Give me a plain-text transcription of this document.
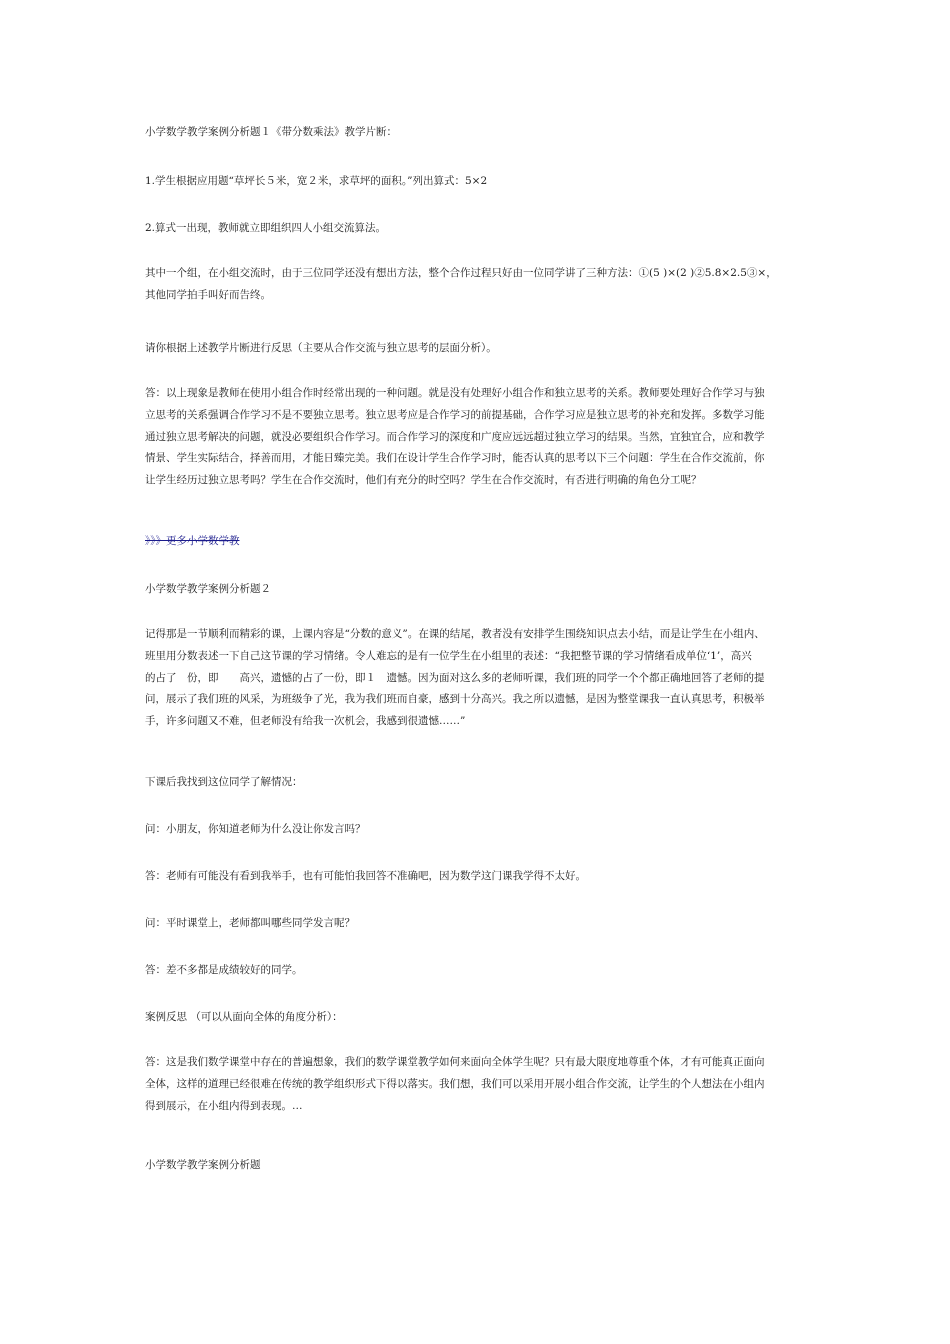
小学数学教学案例分析题１《带分数乘法》教学片断：
1.学生根据应用题“草坪长５米，宽２米，求草坪的面积。”列出算式：5×2
2.算式一出现，教师就立即组织四人小组交流算法。
其中一个组，在小组交流时，由于三位同学还没有想出方法，整个合作过程只好由一位同学讲了三种方法：①(5 )×(2 )②5.8×2.5③×，
其他同学拍手叫好而告终。
请你根据上述教学片断进行反思（主要从合作交流与独立思考的层面分析）。
答：以上现象是教师在使用小组合作时经常出现的一种问题。就是没有处理好小组合作和独立思考的关系。教师要处理好合作学习与独
立思考的关系强调合作学习不是不要独立思考。独立思考应是合作学习的前提基础，合作学习应是独立思考的补充和发挥。多数学习能
通过独立思考解决的问题，就没必要组织合作学习。而合作学习的深度和广度应远远超过独立学习的结果。当然，宜独宜合，应和教学
情景、学生实际结合，择善而用，才能日臻完美。我们在设计学生合作学习时，能否认真的思考以下三个问题：学生在合作交流前，你
让学生经历过独立思考吗？学生在合作交流时，他们有充分的时空吗？学生在合作交流时，有否进行明确的角色分工呢？
》》》更多小学数学教
小学数学教学案例分析题２
记得那是一节顺利而精彩的课，上课内容是“分数的意义”。在课的结尾，教者没有安排学生围绕知识点去小结，而是让学生在小组内、
班里用分数表述一下自己这节课的学习情绪。令人难忘的是有一位学生在小组里的表述：“我把整节课的学习情绪看成单位‘1’，高兴
的占了　份，即　　高兴，遗憾的占了一份，即１　遗憾。因为面对这么多的老师听课，我们班的同学一个个都正确地回答了老师的提
问，展示了我们班的风采，为班级争了光，我为我们班而自豪，感到十分高兴。我之所以遗憾，是因为整堂课我一直认真思考，积极举
手，许多问题又不难，但老师没有给我一次机会，我感到很遗憾……”
下课后我找到这位同学了解情况：
问：小朋友，你知道老师为什么没让你发言吗？
答：老师有可能没有看到我举手，也有可能怕我回答不准确吧，因为数学这门课我学得不太好。
问：平时课堂上，老师都叫哪些同学发言呢？
答：差不多都是成绩较好的同学。
案例反思 （可以从面向全体的角度分析）：
答：这是我们数学课堂中存在的普遍想象，我们的数学课堂教学如何来面向全体学生呢？只有最大限度地尊重个体，才有可能真正面向
全体，这样的道理已经很难在传统的教学组织形式下得以落实。我们想，我们可以采用开展小组合作交流，让学生的个人想法在小组内
得到展示，在小组内得到表现。…
小学数学教学案例分析题
